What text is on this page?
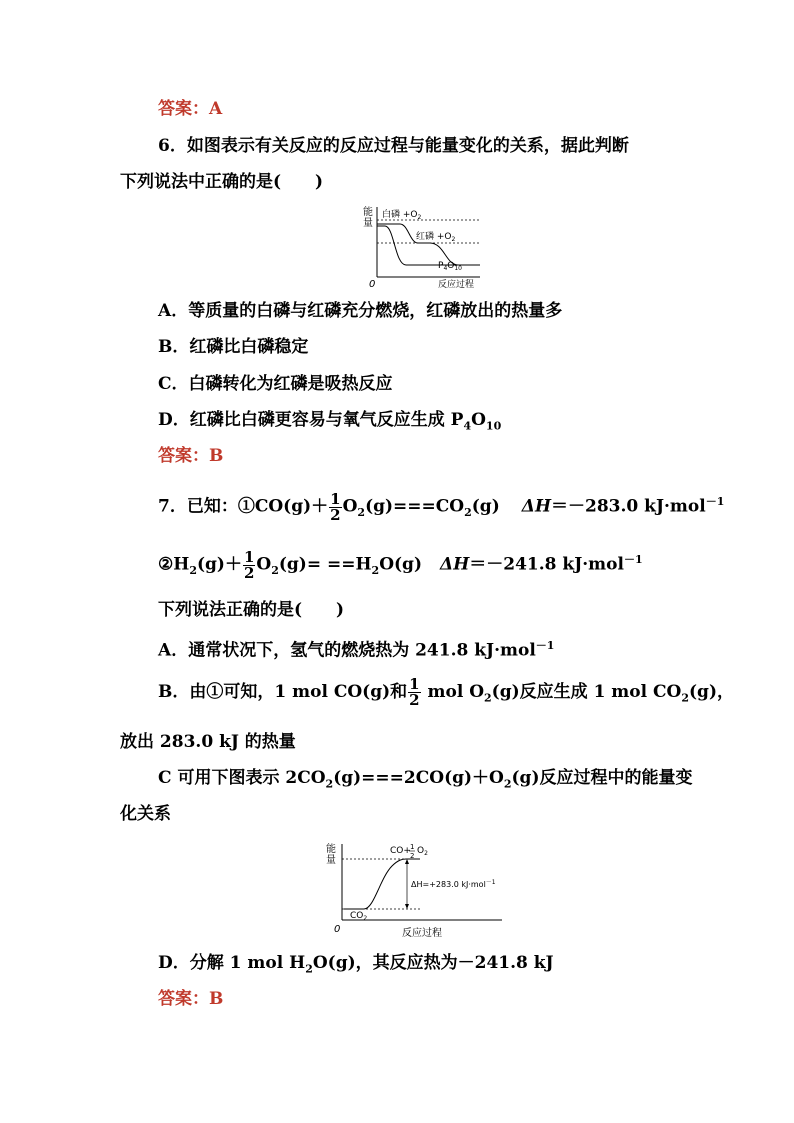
答案：A
6．如图表示有关反应的反应过程与能量变化的关系，据此判断
下列说法中正确的是(　　)
能
量
白磷 $+O_2$
红磷 $+O_2$
$P_4O_{10}$
0	反应过程
A．等质量的白磷与红磷充分燃烧，红磷放出的热量多
B．红磷比白磷稳定
C．白磷转化为红磷是吸热反应
D．红磷比白磷更容易与氧气反应生成 $P_4O_{10}$
答案：B
7．已知：①CO(g)＋ $\frac{1}{2} O_2(g)===CO_2(g)$ ΔH＝－283.0 kJ·mol$^{-1}$
$②H_2(g)+ \frac{1}{2} O_2(g)= ==H_2O(g)$ ΔH＝－241.8 kJ·mol$^{-1}$
下列说法正确的是(　　)
A．通常状况下，氢气的燃烧热为 241.8 kJ·mol$^{-1}$
B．由①可知，1 mol CO(g)和 $\frac{1}{2}$ mol $O_2(g)$反应生成 1 mol $CO_2(g)$，
放出 283.0 kJ 的热量
C 可用下图表示 $2CO_2(g)===2CO(g)+O_2(g)$反应过程中的能量变
化关系
能
量
CO+ 1
2 $O_2$
$CO_2$
ΔH=+283.0 kJ·mol$^{-1}$
0	反应过程
D．分解 1 mol $H_2O(g)$，其反应热为－241.8 kJ
答案：B
